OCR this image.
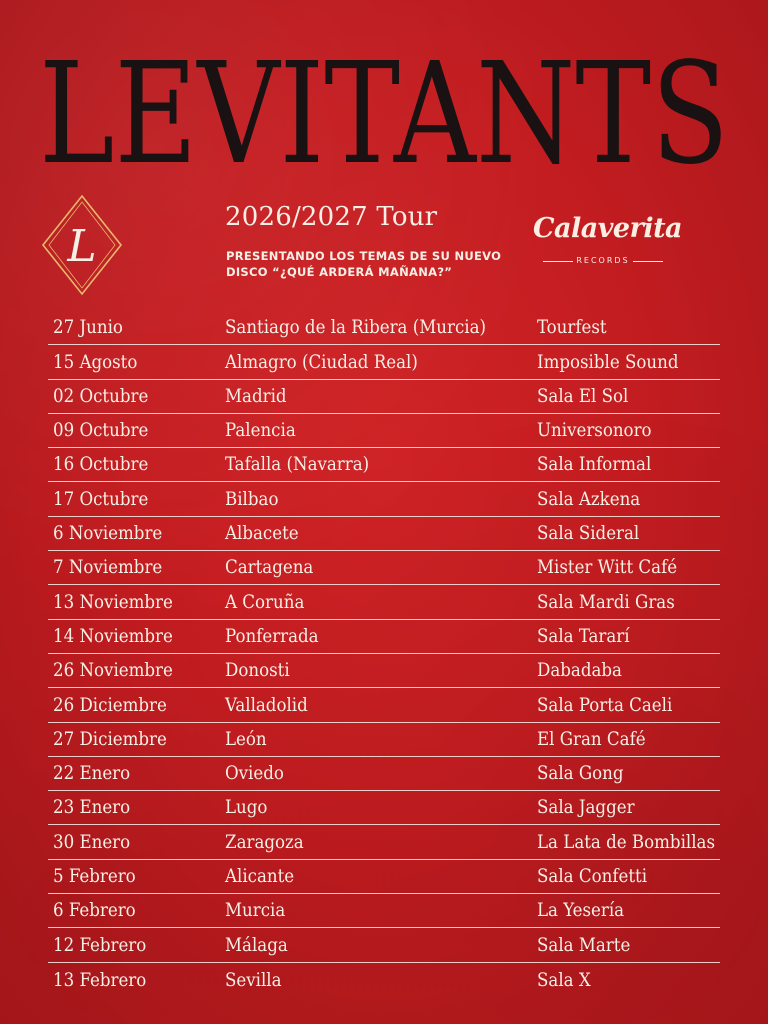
LEVITANTS
L
2026/2027 Tour
PRESENTANDO LOS TEMAS DE SU NUEVO DISCO “¿QUÉ ARDERÁ MAÑANA?”
Calaverita
RECORDS
27 Junio	Santiago de la Ribera (Murcia)	Tourfest
15 Agosto	Almagro (Ciudad Real)	Imposible Sound
02 Octubre	Madrid	Sala El Sol
09 Octubre	Palencia	Universonoro
16 Octubre	Tafalla (Navarra)	Sala Informal
17 Octubre	Bilbao	Sala Azkena
6 Noviembre	Albacete	Sala Sideral
7 Noviembre	Cartagena	Mister Witt Café
13 Noviembre	A Coruña	Sala Mardi Gras
14 Noviembre	Ponferrada	Sala Tararí
26 Noviembre	Donosti	Dabadaba
26 Diciembre	Valladolid	Sala Porta Caeli
27 Diciembre	León	El Gran Café
22 Enero	Oviedo	Sala Gong
23 Enero	Lugo	Sala Jagger
30 Enero	Zaragoza	La Lata de Bombillas
5 Febrero	Alicante	Sala Confetti
6 Febrero	Murcia	La Yesería
12 Febrero	Málaga	Sala Marte
13 Febrero	Sevilla	Sala X
